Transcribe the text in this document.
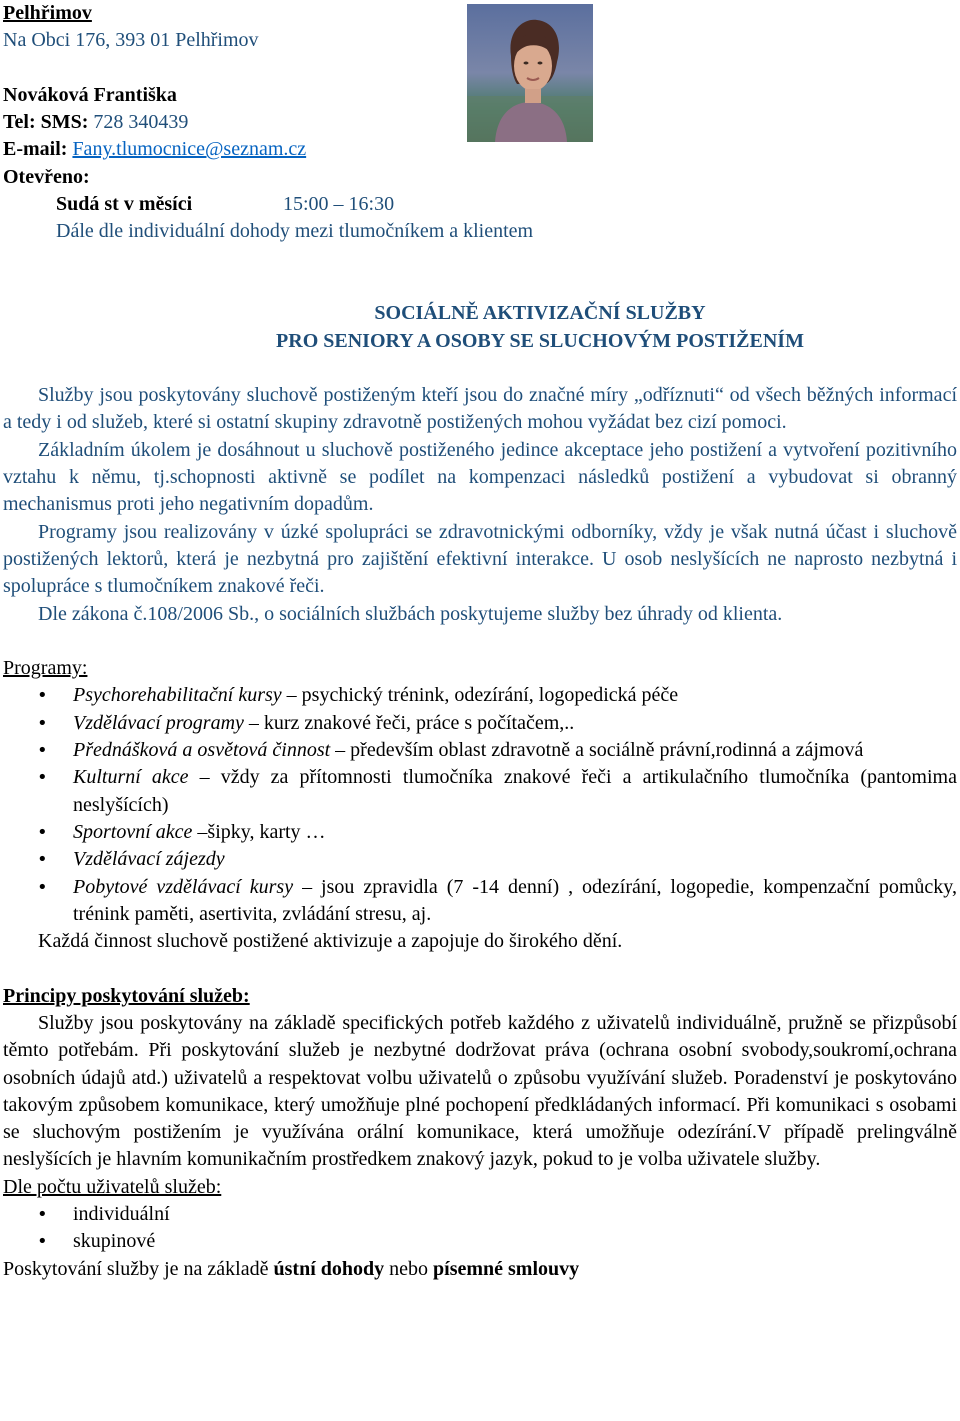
Pelhřimov
Na Obci 176, 393 01 Pelhřimov
Nováková Františka
Tel: SMS: 728 340439
E-mail: Fany.tlumocnice@seznam.cz
Otevřeno:
Sudá st v měsíci	15:00 – 16:30
Dále dle individuální dohody mezi tlumočníkem a klientem
SOCIÁLNĚ AKTIVIZAČNÍ SLUŽBY
PRO SENIORY A OSOBY SE SLUCHOVÝM POSTIŽENÍM
Služby jsou poskytovány sluchově postiženým kteří jsou do značné míry „odříznuti“ od všech běžných informací a tedy i od služeb, které si ostatní skupiny zdravotně postižených mohou vyžádat bez cizí pomoci.
Základním úkolem je dosáhnout u sluchově postiženého jedince akceptace jeho postižení a vytvoření pozitivního vztahu k němu, tj.schopnosti aktivně se podílet na kompenzaci následků postižení a vybudovat si obranný mechanismus proti jeho negativním dopadům.
Programy jsou realizovány v úzké spolupráci se zdravotnickými odborníky, vždy je však nutná účast i sluchově postižených lektorů, která je nezbytná pro zajištění efektivní interakce. U osob neslyšících ne naprosto nezbytná i spolupráce s tlumočníkem znakové řeči.
Dle zákona č.108/2006 Sb., o sociálních službách poskytujeme služby bez úhrady od klienta.
Programy:
• Psychorehabilitační kursy – psychický trénink, odezírání, logopedická péče
• Vzdělávací programy – kurz znakové řeči, práce s počítačem,..
• Přednášková a osvětová činnost – především oblast zdravotně a sociálně právní,rodinná a zájmová
• Kulturní akce – vždy za přítomnosti tlumočníka znakové řeči a artikulačního tlumočníka (pantomima neslyšících)
• Sportovní akce –šipky, karty …
• Vzdělávací zájezdy
• Pobytové vzdělávací kursy – jsou zpravidla (7 -14 denní) , odezírání, logopedie, kompenzační pomůcky, trénink paměti, asertivita, zvládání stresu, aj.
Každá činnost sluchově postižené aktivizuje a zapojuje do širokého dění.
Principy poskytování služeb:
Služby jsou poskytovány na základě specifických potřeb každého z uživatelů individuálně, pružně se přizpůsobí těmto potřebám. Při poskytování služeb je nezbytné dodržovat práva (ochrana osobní svobody,soukromí,ochrana osobních údajů atd.) uživatelů a respektovat volbu uživatelů o způsobu využívání služeb. Poradenství je poskytováno takovým způsobem komunikace, který umožňuje plné pochopení předkládaných informací. Při komunikaci s osobami se sluchovým postižením je využívána orální komunikace, která umožňuje odezírání.V případě prelingválně neslyšících je hlavním komunikačním prostředkem znakový jazyk, pokud to je volba uživatele služby.
Dle počtu uživatelů služeb:
• individuální
• skupinové
Poskytování služby je na základě ústní dohody nebo písemné smlouvy
